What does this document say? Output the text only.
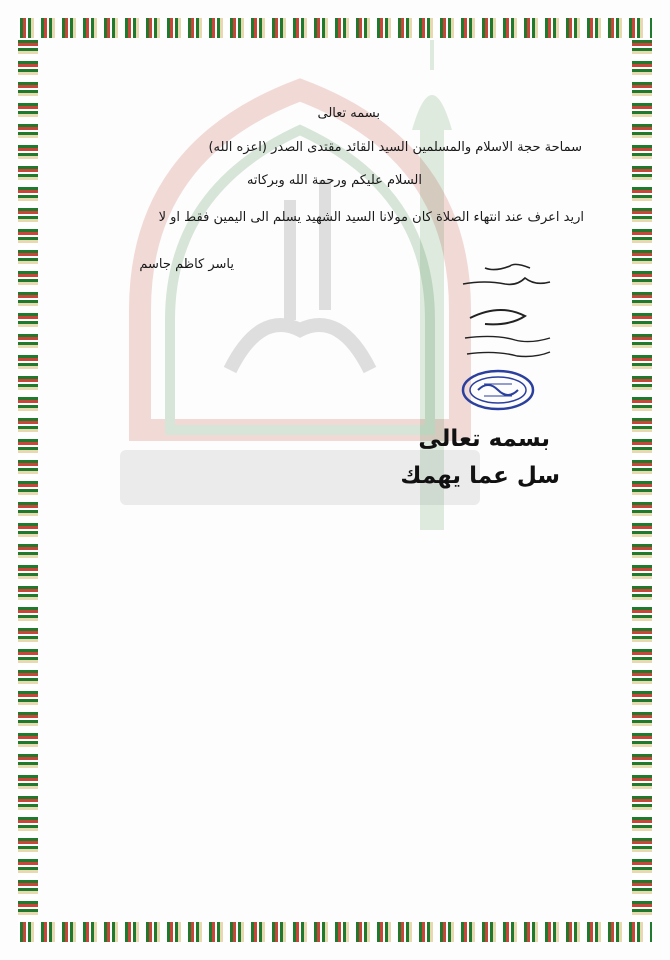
بسمه تعالى
سماحة حجة الاسلام والمسلمين السيد القائد مقتدى الصدر (اعزه الله)
السلام عليكم ورحمة الله وبركاته
اريد اعرف عند انتهاء الصلاة كان مولانا السيد الشهيد يسلم الى اليمين فقط او لا
ياسر كاظم جاسم
بسمه تعالى
سل عما يهمك
